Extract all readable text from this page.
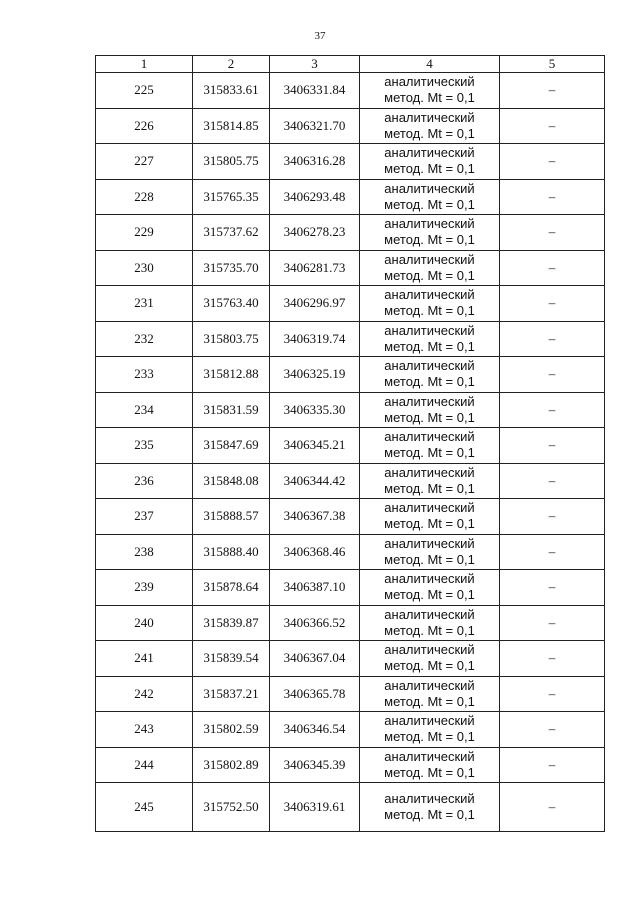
37
1	2	3	4	5
225	315833.61	3406331.84	аналитический
метод. Mt = 0,1	–
226	315814.85	3406321.70	аналитический
метод. Mt = 0,1	–
227	315805.75	3406316.28	аналитический
метод. Mt = 0,1	–
228	315765.35	3406293.48	аналитический
метод. Mt = 0,1	–
229	315737.62	3406278.23	аналитический
метод. Mt = 0,1	–
230	315735.70	3406281.73	аналитический
метод. Mt = 0,1	–
231	315763.40	3406296.97	аналитический
метод. Mt = 0,1	–
232	315803.75	3406319.74	аналитический
метод. Mt = 0,1	–
233	315812.88	3406325.19	аналитический
метод. Mt = 0,1	–
234	315831.59	3406335.30	аналитический
метод. Mt = 0,1	–
235	315847.69	3406345.21	аналитический
метод. Mt = 0,1	–
236	315848.08	3406344.42	аналитический
метод. Mt = 0,1	–
237	315888.57	3406367.38	аналитический
метод. Mt = 0,1	–
238	315888.40	3406368.46	аналитический
метод. Mt = 0,1	–
239	315878.64	3406387.10	аналитический
метод. Mt = 0,1	–
240	315839.87	3406366.52	аналитический
метод. Mt = 0,1	–
241	315839.54	3406367.04	аналитический
метод. Mt = 0,1	–
242	315837.21	3406365.78	аналитический
метод. Mt = 0,1	–
243	315802.59	3406346.54	аналитический
метод. Mt = 0,1	–
244	315802.89	3406345.39	аналитический
метод. Mt = 0,1	–
245	315752.50	3406319.61	аналитический
метод. Mt = 0,1	–
